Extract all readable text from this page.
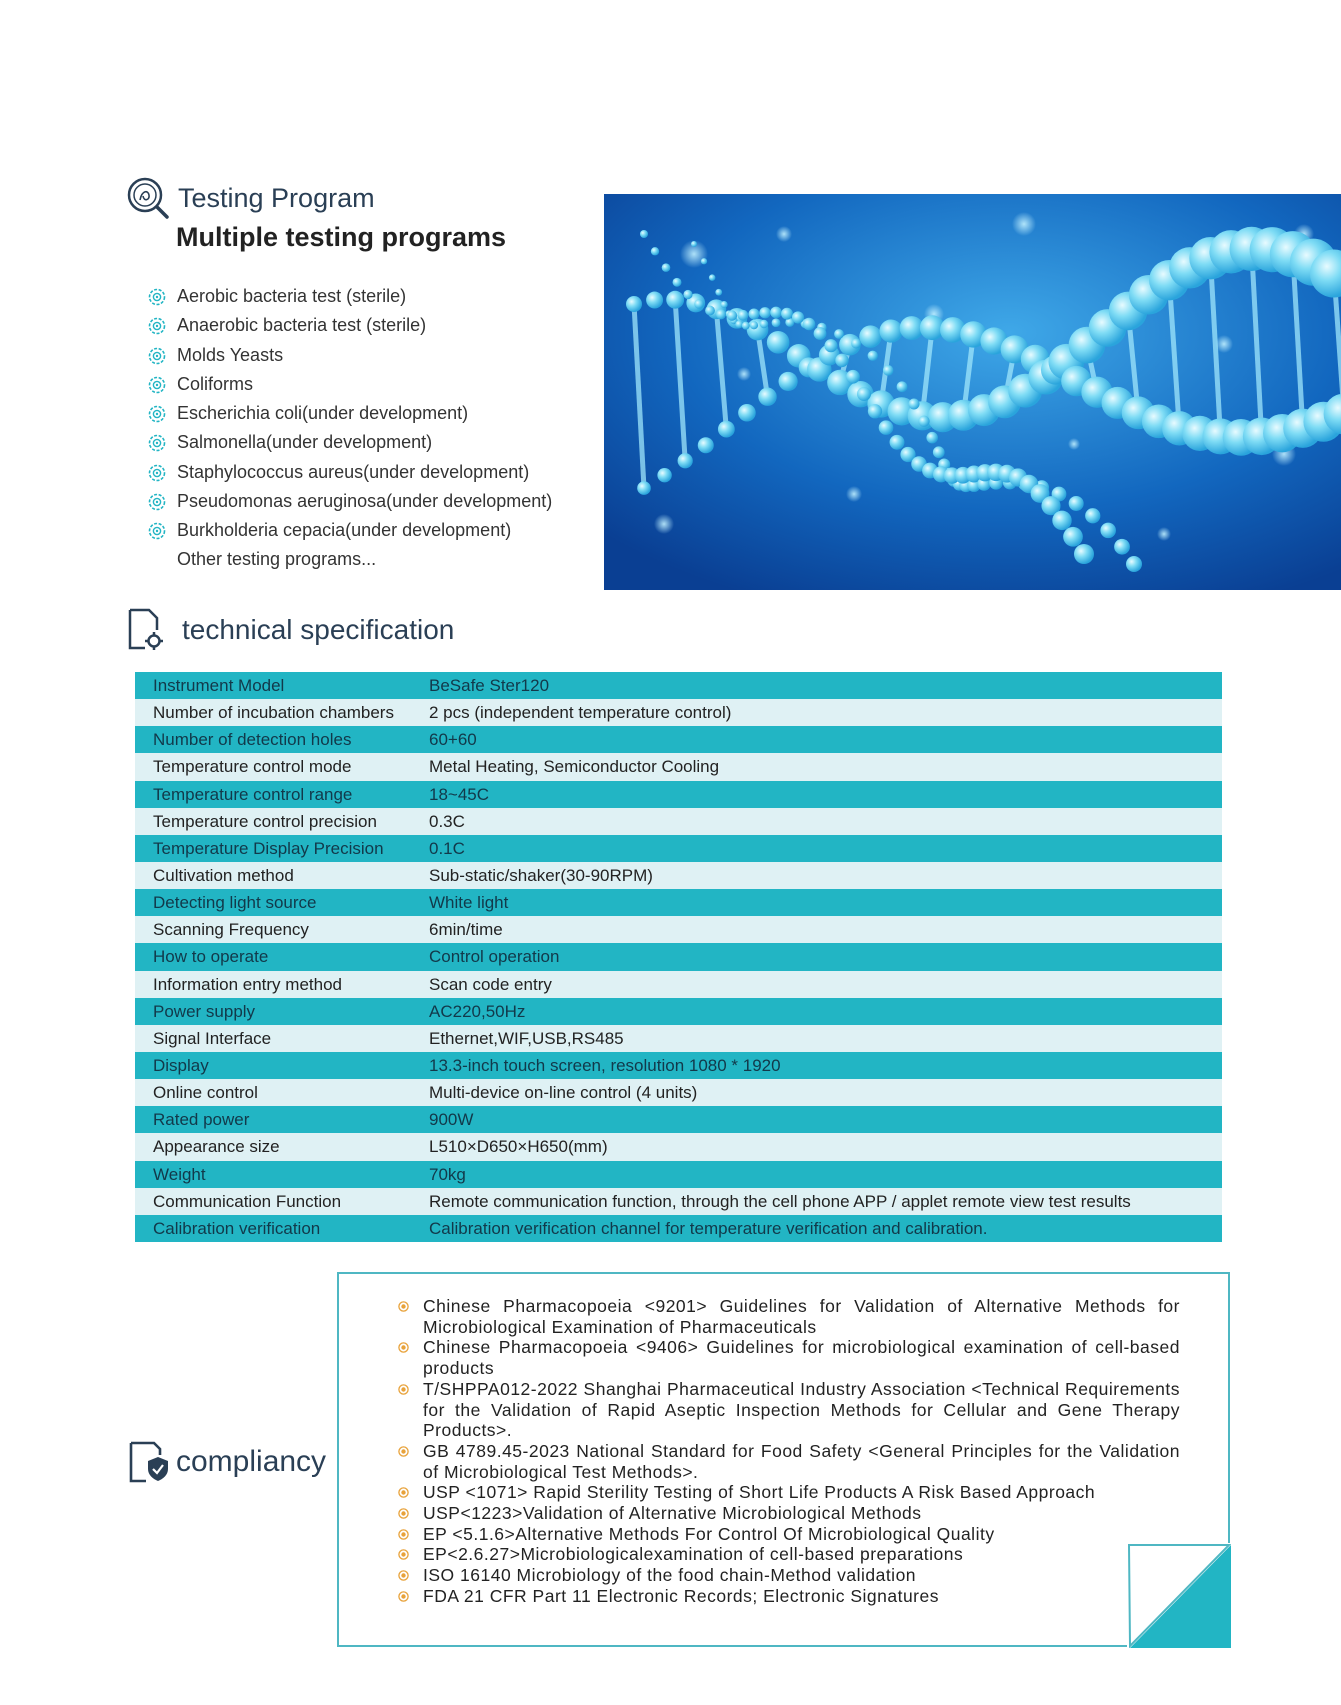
Testing Program
Multiple testing programs
Aerobic bacteria test (sterile)
Anaerobic bacteria test (sterile)
Molds Yeasts
Coliforms
Escherichia coli(under development)
Salmonella(under development)
Staphylococcus aureus(under development)
Pseudomonas aeruginosa(under development)
Burkholderia cepacia(under development)
Other testing programs...
technical specification
Instrument Model	BeSafe Ster120
Number of incubation chambers	2 pcs (independent temperature control)
Number of detection holes	60+60
Temperature control mode	Metal Heating, Semiconductor Cooling
Temperature control range	18~45C
Temperature control precision	0.3C
Temperature Display Precision	0.1C
Cultivation method	Sub-static/shaker(30-90RPM)
Detecting light source	White light
Scanning Frequency	6min/time
How to operate	Control operation
Information entry method	Scan code entry
Power supply	AC220,50Hz
Signal Interface	Ethernet,WIF,USB,RS485
Display	13.3-inch touch screen, resolution 1080 * 1920
Online control	Multi-device on-line control (4 units)
Rated power	900W
Appearance size	L510×D650×H650(mm)
Weight	70kg
Communication Function	Remote communication function, through the cell phone APP / applet remote view test results
Calibration verification	Calibration verification channel for temperature verification and calibration.
compliancy
Chinese Pharmacopoeia <9201> Guidelines for Validation of Alternative Methods for Microbiological Examination of Pharmaceuticals
Chinese Pharmacopoeia <9406> Guidelines for microbiological examination of cell-based products
T/SHPPA012-2022 Shanghai Pharmaceutical Industry Association <Technical Requirements for the Validation of Rapid Aseptic Inspection Methods for Cellular and Gene Therapy Products>.
GB 4789.45-2023 National Standard for Food Safety <General Principles for the Validation of Microbiological Test Methods>.
USP <1071> Rapid Sterility Testing of Short Life Products A Risk Based Approach
USP<1223>Validation of Alternative Microbiological Methods
EP <5.1.6>Alternative Methods For Control Of Microbiological Quality
EP<2.6.27>Microbiologicalexamination of cell-based preparations
ISO 16140 Microbiology of the food chain-Method validation
FDA 21 CFR Part 11 Electronic Records; Electronic Signatures
